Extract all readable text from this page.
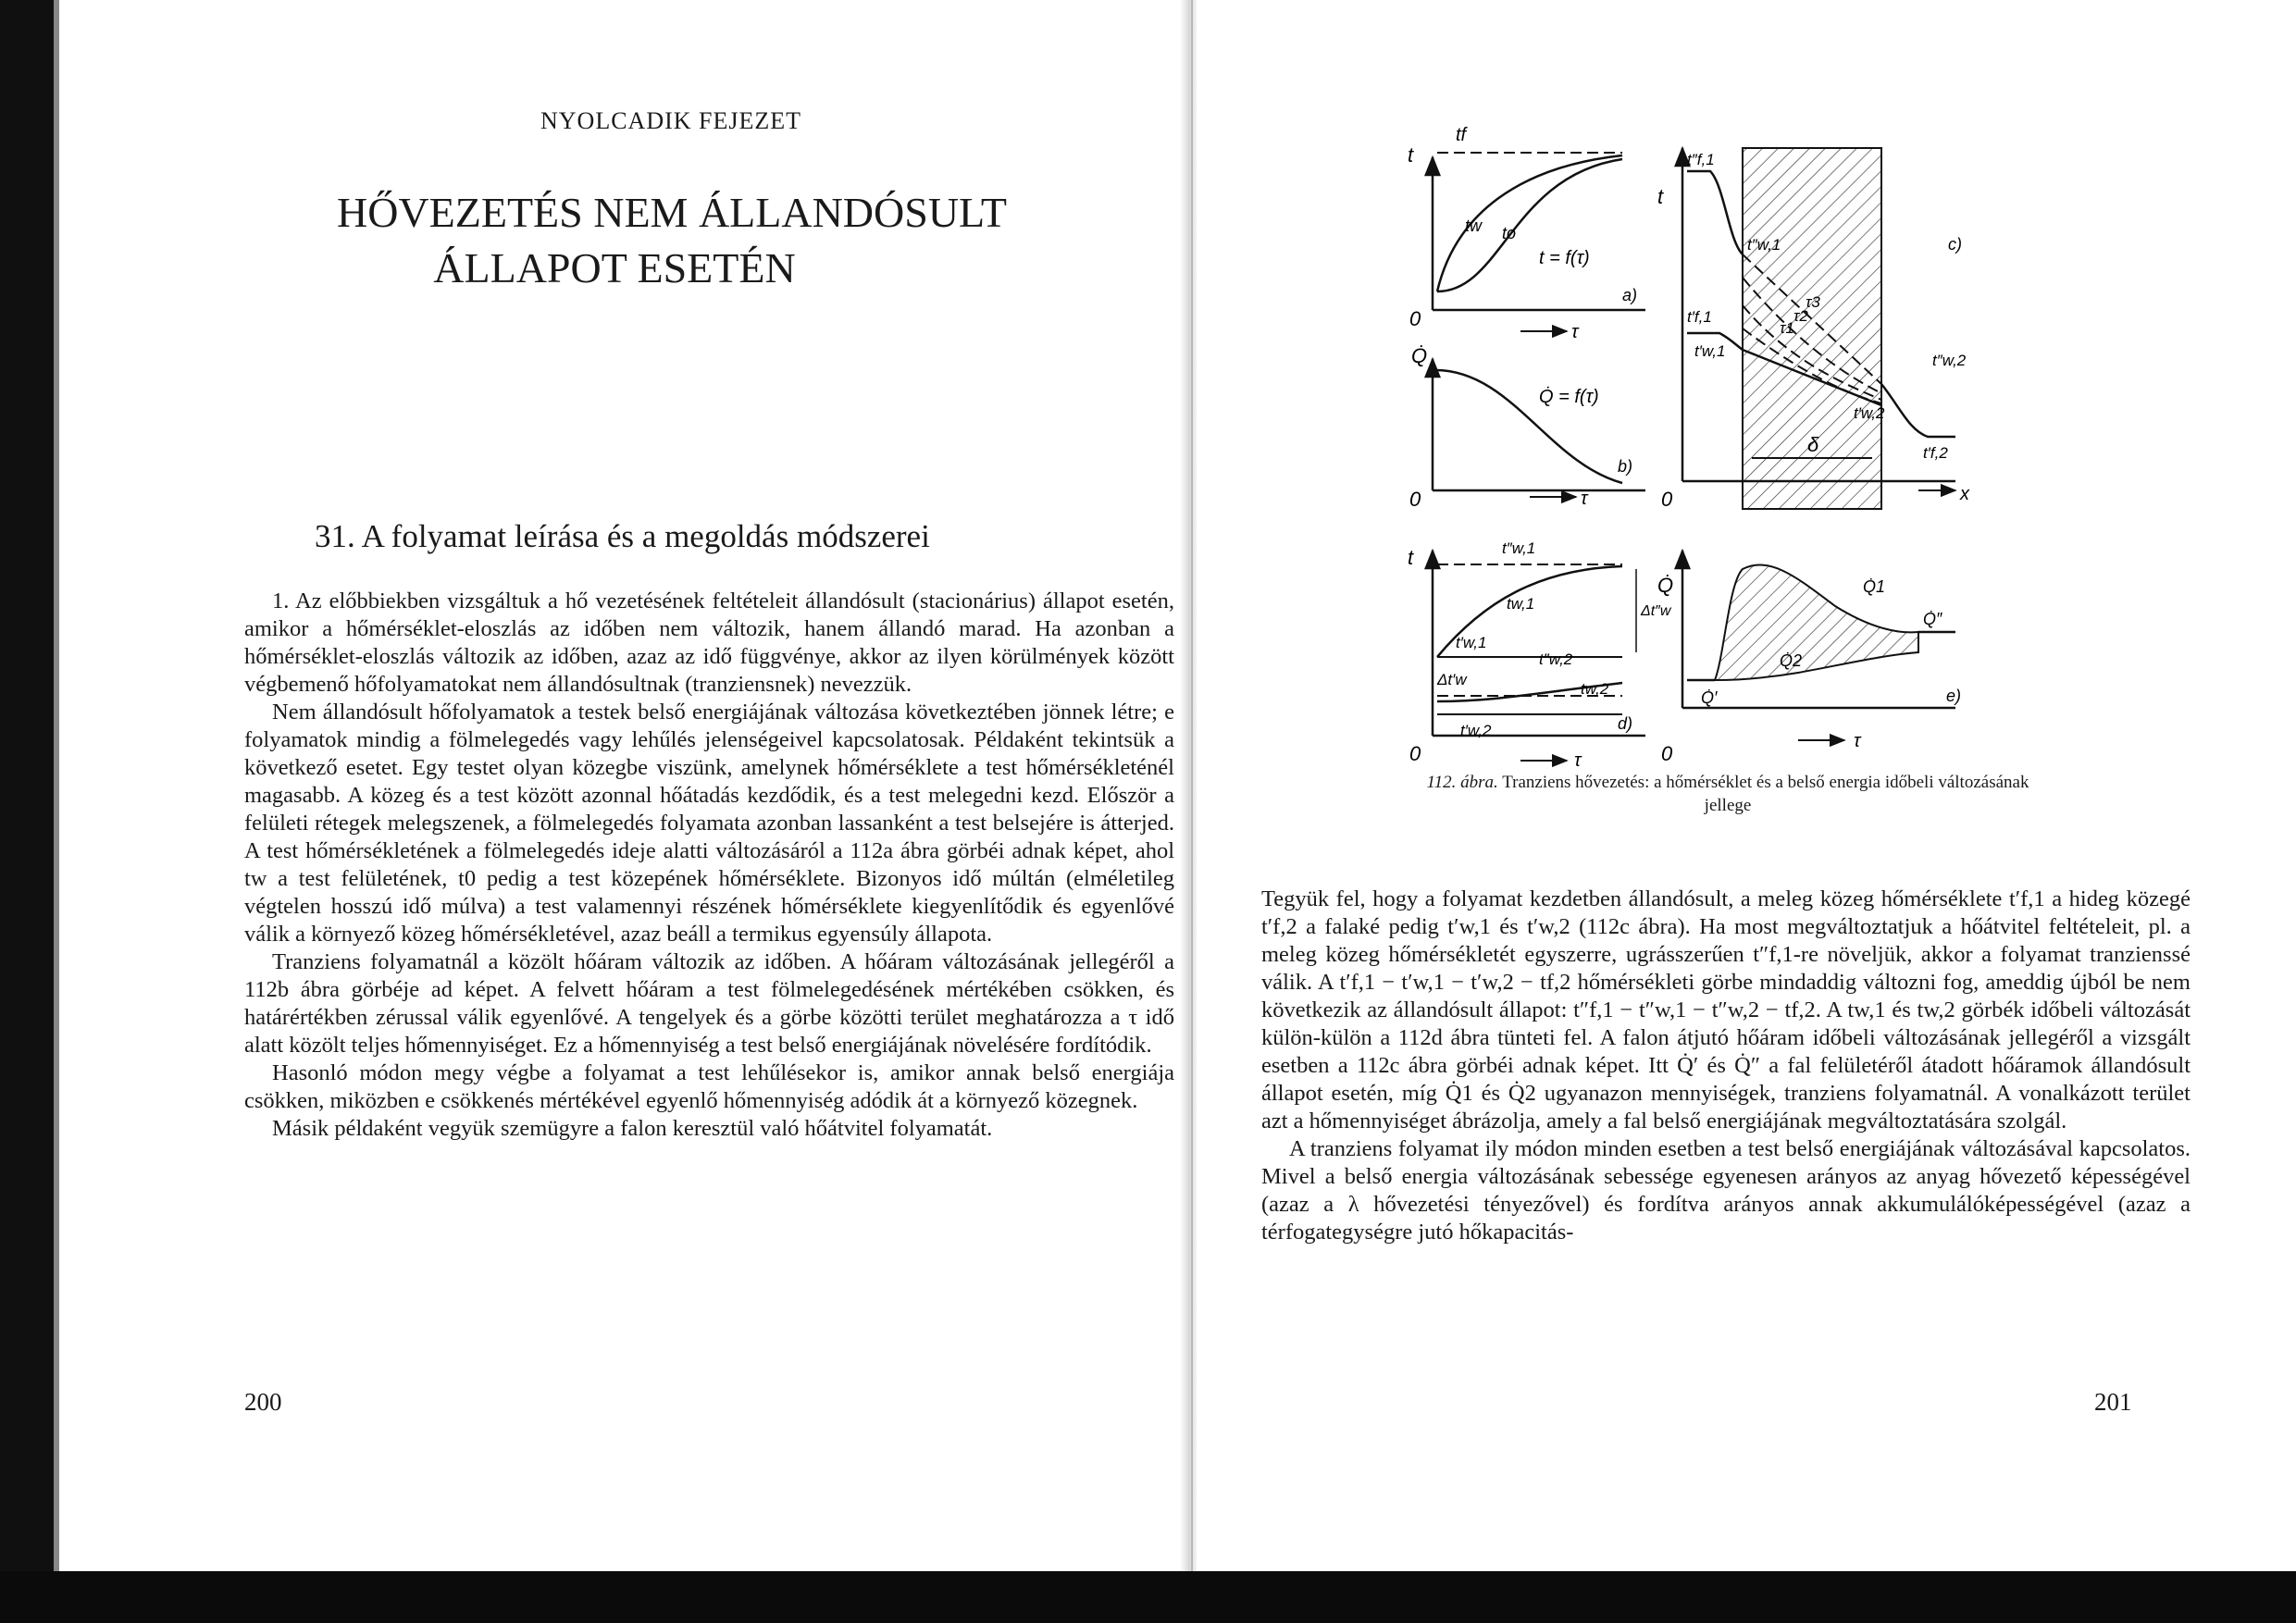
NYOLCADIK FEJEZET
HŐVEZETÉS NEM ÁLLANDÓSULT
ÁLLAPOT ESETÉN
31. A folyamat leírása és a megoldás módszerei

1. Az előbbiekben vizsgáltuk a hő vezetésének feltételeit állandósult (stacionárius) állapot esetén, amikor a hőmérséklet-eloszlás az időben nem változik, hanem állandó marad. Ha azonban a hőmérséklet-eloszlás változik az időben, azaz az idő függvénye, akkor az ilyen körülmények között végbemenő hőfolyamatokat nem állandósultnak (tranziensnek) nevezzük.

Nem állandósult hőfolyamatok a testek belső energiájának változása következtében jönnek létre; e folyamatok mindig a fölmelegedés vagy lehűlés jelenségeivel kapcsolatosak. Példaként tekintsük a következő esetet. Egy testet olyan közegbe viszünk, amelynek hőmérséklete a test hőmérsékleténél magasabb. A közeg és a test között azonnal hőátadás kezdődik, és a test melegedni kezd. Először a felületi rétegek melegszenek, a fölmelegedés folyamata azonban lassanként a test belsejére is átterjed. A test hőmérsékletének a fölmelegedés ideje alatti változásáról a 112a ábra görbéi adnak képet, ahol tw a test felületének, t0 pedig a test közepének hőmérséklete. Bizonyos idő múltán (elméletileg végtelen hosszú idő múlva) a test valamennyi részének hőmérséklete kiegyenlítődik és egyenlővé válik a környező közeg hőmérsékletével, azaz beáll a termikus egyensúly állapota.

Tranziens folyamatnál a közölt hőáram változik az időben. A hőáram változásának jellegéről a 112b ábra görbéje ad képet. A felvett hőáram a test fölmelegedésének mértékében csökken, és határértékben zérussal válik egyenlővé. A tengelyek és a görbe közötti terület meghatározza a τ idő alatt közölt teljes hőmennyiséget. Ez a hőmennyiség a test belső energiájának növelésére fordítódik.

Hasonló módon megy végbe a folyamat a test lehűlésekor is, amikor annak belső energiája csökken, miközben e csökkenés mértékével egyenlő hőmennyiség adódik át a környező közegnek.

Másik példaként vegyük szemügyre a falon keresztül való hőátvitel folyamatát.

200
t
tf
tw to
t = f(τ)
a)
0
τ
Q̇
Q̇ = f(τ)
b)
0	τ
t
t″f,1
t″w,1
t′f,1
t′w,1
τ1
τ2
τ3
t″w,2
t′w,2
t′f,2
δ
c)
0	x
t	t″w,1
tw,1	Δt″w
t′w,1
t″w,2
Δt′w
tw,2
t′w,2	d)
0	τ
Q̇	Q̇1
Q̇2
Q̇″
Q̇′	e)
0
τ
112. ábra. Tranziens hővezetés: a hőmérséklet és a belső energia időbeli változásának jellege

Tegyük fel, hogy a folyamat kezdetben állandósult, a meleg közeg hőmérséklete t′f,1 a hideg közegé t′f,2 a falaké pedig t′w,1 és t′w,2 (112c ábra). Ha most megváltoztatjuk a hőátvitel feltételeit, pl. a meleg közeg hőmérsékletét egyszerre, ugrásszerűen t″f,1-re növeljük, akkor a folyamat tranzienssé válik. A t′f,1 − t′w,1 − t′w,2 − tf,2 hőmérsékleti görbe mindaddig változni fog, ameddig újból be nem következik az állandósult állapot: t″f,1 − t″w,1 − t″w,2 − tf,2. A tw,1 és tw,2 görbék időbeli változását külön-külön a 112d ábra tünteti fel. A falon átjutó hőáram időbeli változásának jellegéről a vizsgált esetben a 112c ábra görbéi adnak képet. Itt Q̇′ és Q̇″ a fal felületéről átadott hőáramok állandósult állapot esetén, míg Q̇1 és Q̇2 ugyanazon mennyiségek, tranziens folyamatnál. A vonalkázott terület azt a hőmennyiséget ábrázolja, amely a fal belső energiájának megváltoztatására szolgál.

A tranziens folyamat ily módon minden esetben a test belső energiájának változásával kapcsolatos. Mivel a belső energia változásának sebessége egyenesen arányos az anyag hővezető képességével (azaz a λ hővezetési tényezővel) és fordítva arányos annak akkumulálóképességével (azaz a térfogategységre jutó hőkapacitás-

201
